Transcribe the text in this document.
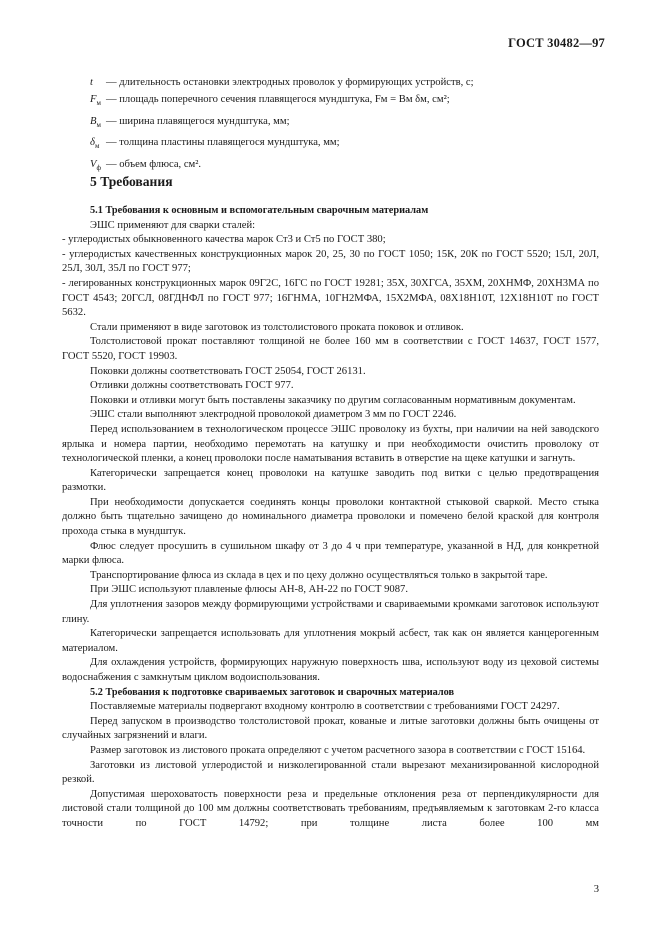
ГОСТ 30482—97
t	— длительность остановки электродных проволок у формирующих устройств, с;
$F_м$ — площадь поперечного сечения плавящегося мундштука, Fм = Bм δм, см²;
$B_м$ — ширина плавящегося мундштука, мм;
$\delta_м$ — толщина пластины плавящегося мундштука, мм;
$V_ф$ — объем флюса, см².
5 Требования

5.1 Требования к основным и вспомогательным сварочным материалам

ЭШС применяют для сварки сталей:

- углеродистых обыкновенного качества марок Ст3 и Ст5 по ГОСТ 380;

- углеродистых качественных конструкционных марок 20, 25, 30 по ГОСТ 1050; 15К, 20К по ГОСТ 5520; 15Л, 20Л, 25Л, 30Л, 35Л по ГОСТ 977;

- легированных конструкционных марок 09Г2С, 16ГС по ГОСТ 19281; 35Х, 30ХГСА, 35ХМ, 20ХНМФ, 20ХН3МА по ГОСТ 4543; 20ГСЛ, 08ГДНФЛ по ГОСТ 977; 16ГНМА, 10ГН2МФА, 15Х2МФА, 08Х18Н10Т, 12Х18Н10Т по ГОСТ 5632.

Стали применяют в виде заготовок из толстолистового проката поковок и отливок.

Толстолистовой прокат поставляют толщиной не более 160 мм в соответствии с ГОСТ 14637, ГОСТ 1577, ГОСТ 5520, ГОСТ 19903.

Поковки должны соответствовать ГОСТ 25054, ГОСТ 26131.

Отливки должны соответствовать ГОСТ 977.

Поковки и отливки могут быть поставлены заказчику по другим согласованным нормативным документам.

ЭШС стали выполняют электродной проволокой диаметром 3 мм по ГОСТ 2246.

Перед использованием в технологическом процессе ЭШС проволоку из бухты, при наличии на ней заводского ярлыка и номера партии, необходимо перемотать на катушку и при необходимости очистить проволоку от технологической пленки, а конец проволоки после наматывания вставить в отверстие на щеке катушки и загнуть.

Категорически запрещается конец проволоки на катушке заводить под витки с целью предотвращения размотки.

При необходимости допускается соединять концы проволоки контактной стыковой сваркой. Место стыка должно быть тщательно зачищено до номинального диаметра проволоки и помечено белой краской для контроля прохода стыка в мундштук.

Флюс следует просушить в сушильном шкафу от 3 до 4 ч при температуре, указанной в НД, для конкретной марки флюса.

Транспортирование флюса из склада в цех и по цеху должно осуществляться только в закрытой таре.

При ЭШС используют плавленые флюсы АН-8, АН-22 по ГОСТ 9087.

Для уплотнения зазоров между формирующими устройствами и свариваемыми кромками заготовок используют глину.

Категорически запрещается использовать для уплотнения мокрый асбест, так как он является канцерогенным материалом.

Для охлаждения устройств, формирующих наружную поверхность шва, используют воду из цеховой системы водоснабжения с замкнутым циклом водоиспользования.

5.2 Требования к подготовке свариваемых заготовок и сварочных материалов

Поставляемые материалы подвергают входному контролю в соответствии с требованиями ГОСТ 24297.

Перед запуском в производство толстолистовой прокат, кованые и литые заготовки должны быть очищены от случайных загрязнений и влаги.

Размер заготовок из листового проката определяют с учетом расчетного зазора в соответствии с ГОСТ 15164.

Заготовки из листовой углеродистой и низколегированной стали вырезают механизированной кислородной резкой.

Допустимая шероховатость поверхности реза и предельные отклонения реза от перпендикулярности для листовой стали толщиной до 100 мм должны соответствовать требованиям, предъявляемым к заготовкам 2-го класса точности по ГОСТ 14792; при толщине листа более 100 мм

3
